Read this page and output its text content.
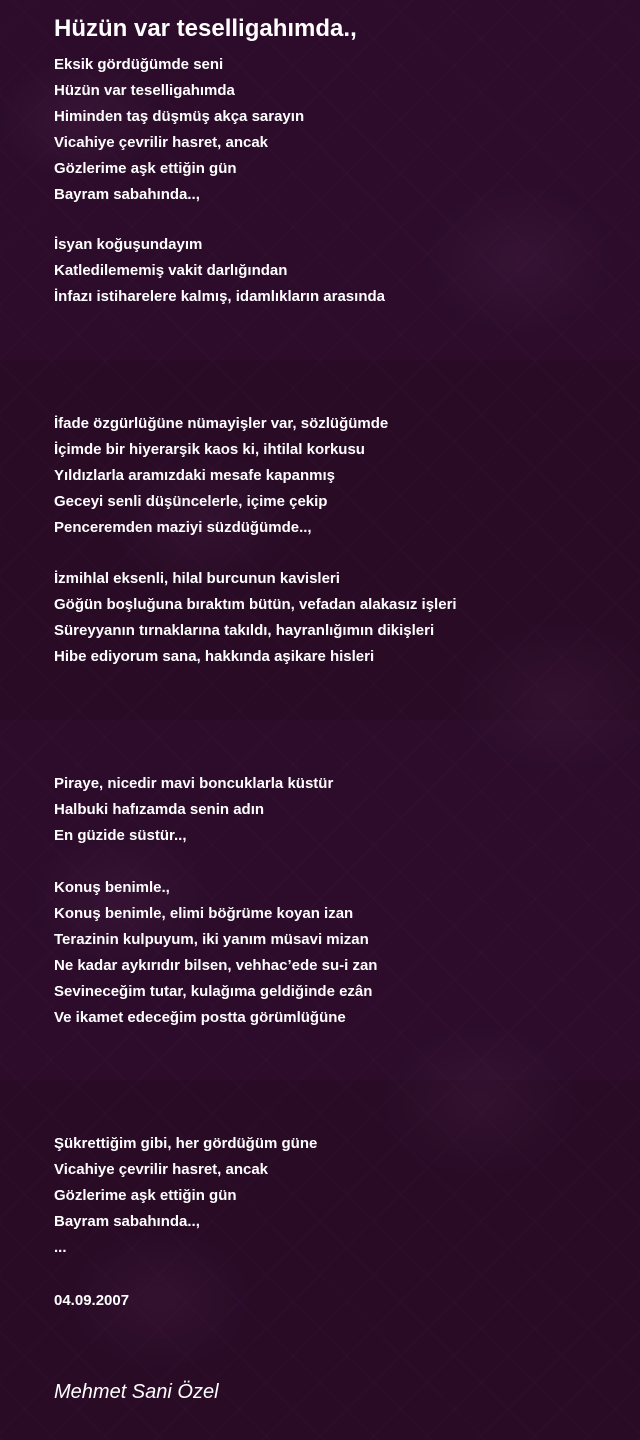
Hüzün var teselligahımda.,
Eksik gördüğümde seni
Hüzün var teselligahımda
Himinden taş düşmüş akça sarayın
Vicahiye çevrilir hasret, ancak
Gözlerime aşk ettiğin gün
Bayram sabahında..,
İsyan koğuşundayım
Katledilememiş vakit darlığından
İnfazı istiharelere kalmış, idamlıkların arasında
İfade özgürlüğüne nümayişler var, sözlüğümde
İçimde bir hiyerarşik kaos ki, ihtilal korkusu
Yıldızlarla aramızdaki mesafe kapanmış
Geceyi senli düşüncelerle, içime çekip
Penceremden maziyi süzdüğümde..,
İzmihlal eksenli, hilal burcunun kavisleri
Göğün boşluğuna bıraktım bütün, vefadan alakasız işleri
Süreyyanın tırnaklarına takıldı, hayranlığımın dikişleri
Hibe ediyorum sana, hakkında aşikare hisleri
Piraye, nicedir mavi boncuklarla küstür
Halbuki hafızamda senin adın
En güzide süstür..,
Konuş benimle.,
Konuş benimle, elimi böğrüme koyan izan
Terazinin kulpuyum, iki yanım müsavi mizan
Ne kadar aykırıdır bilsen, vehhac’ede su-i zan
Sevineceğim tutar, kulağıma geldiğinde ezân
Ve ikamet edeceğim postta görümlüğüne
Şükrettiğim gibi, her gördüğüm güne
Vicahiye çevrilir hasret, ancak
Gözlerime aşk ettiğin gün
Bayram sabahında..,
...
04.09.2007
Mehmet Sani Özel
